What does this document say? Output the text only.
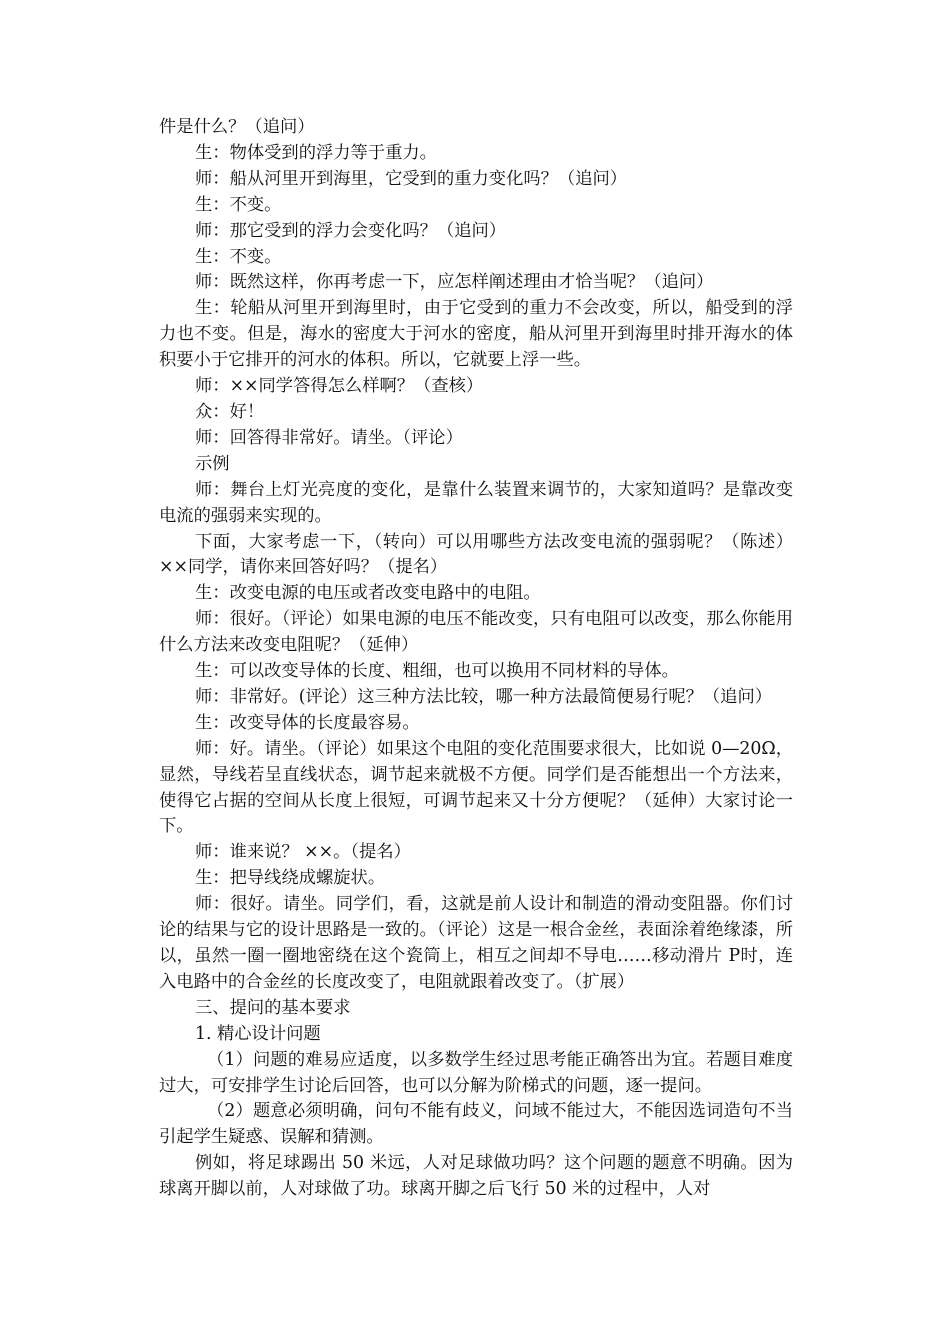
件是什么？（追问）

生：物体受到的浮力等于重力。

师：船从河里开到海里，它受到的重力变化吗？（追问）

生：不变。

师：那它受到的浮力会变化吗？（追问）

生：不变。

师：既然这样，你再考虑一下，应怎样阐述理由才恰当呢？（追问）

生：轮船从河里开到海里时，由于它受到的重力不会改变，所以，船受到的浮力也不变。但是，海水的密度大于河水的密度，船从河里开到海里时排开海水的体积要小于它排开的河水的体积。所以，它就要上浮一些。

师：××同学答得怎么样啊？（查核）

众：好！

师：回答得非常好。请坐。（评论）

示例

师：舞台上灯光亮度的变化，是靠什么装置来调节的，大家知道吗？是靠改变电流的强弱来实现的。

下面，大家考虑一下，（转向）可以用哪些方法改变电流的强弱呢？（陈述）××同学，请你来回答好吗？（提名）

生：改变电源的电压或者改变电路中的电阻。

师：很好。（评论）如果电源的电压不能改变，只有电阻可以改变，那么你能用什么方法来改变电阻呢？（延伸）

生：可以改变导体的长度、粗细，也可以换用不同材料的导体。

师：非常好。(评论）这三种方法比较，哪一种方法最简便易行呢？（追问）

生：改变导体的长度最容易。

师：好。请坐。（评论）如果这个电阻的变化范围要求很大，比如说 0—20Ω，显然，导线若呈直线状态，调节起来就极不方便。同学们是否能想出一个方法来，使得它占据的空间从长度上很短，可调节起来又十分方便呢？（延伸）大家讨论一下。

师：谁来说？ ××。（提名）

生：把导线绕成螺旋状。

师：很好。请坐。同学们，看，这就是前人设计和制造的滑动变阻器。你们讨论的结果与它的设计思路是一致的。（评论）这是一根合金丝，表面涂着绝缘漆，所以，虽然一圈一圈地密绕在这个瓷筒上，相互之间却不导电……移动滑片 P时，连入电路中的合金丝的长度改变了，电阻就跟着改变了。（扩展）

三、提问的基本要求

1. 精心设计问题

（1）问题的难易应适度，以多数学生经过思考能正确答出为宜。若题目难度过大，可安排学生讨论后回答，也可以分解为阶梯式的问题，逐一提问。

（2）题意必须明确，问句不能有歧义，问域不能过大，不能因选词造句不当引起学生疑惑、误解和猜测。

例如，将足球踢出 50 米远，人对足球做功吗？这个问题的题意不明确。因为球离开脚以前，人对球做了功。球离开脚之后飞行 50 米的过程中，人对
